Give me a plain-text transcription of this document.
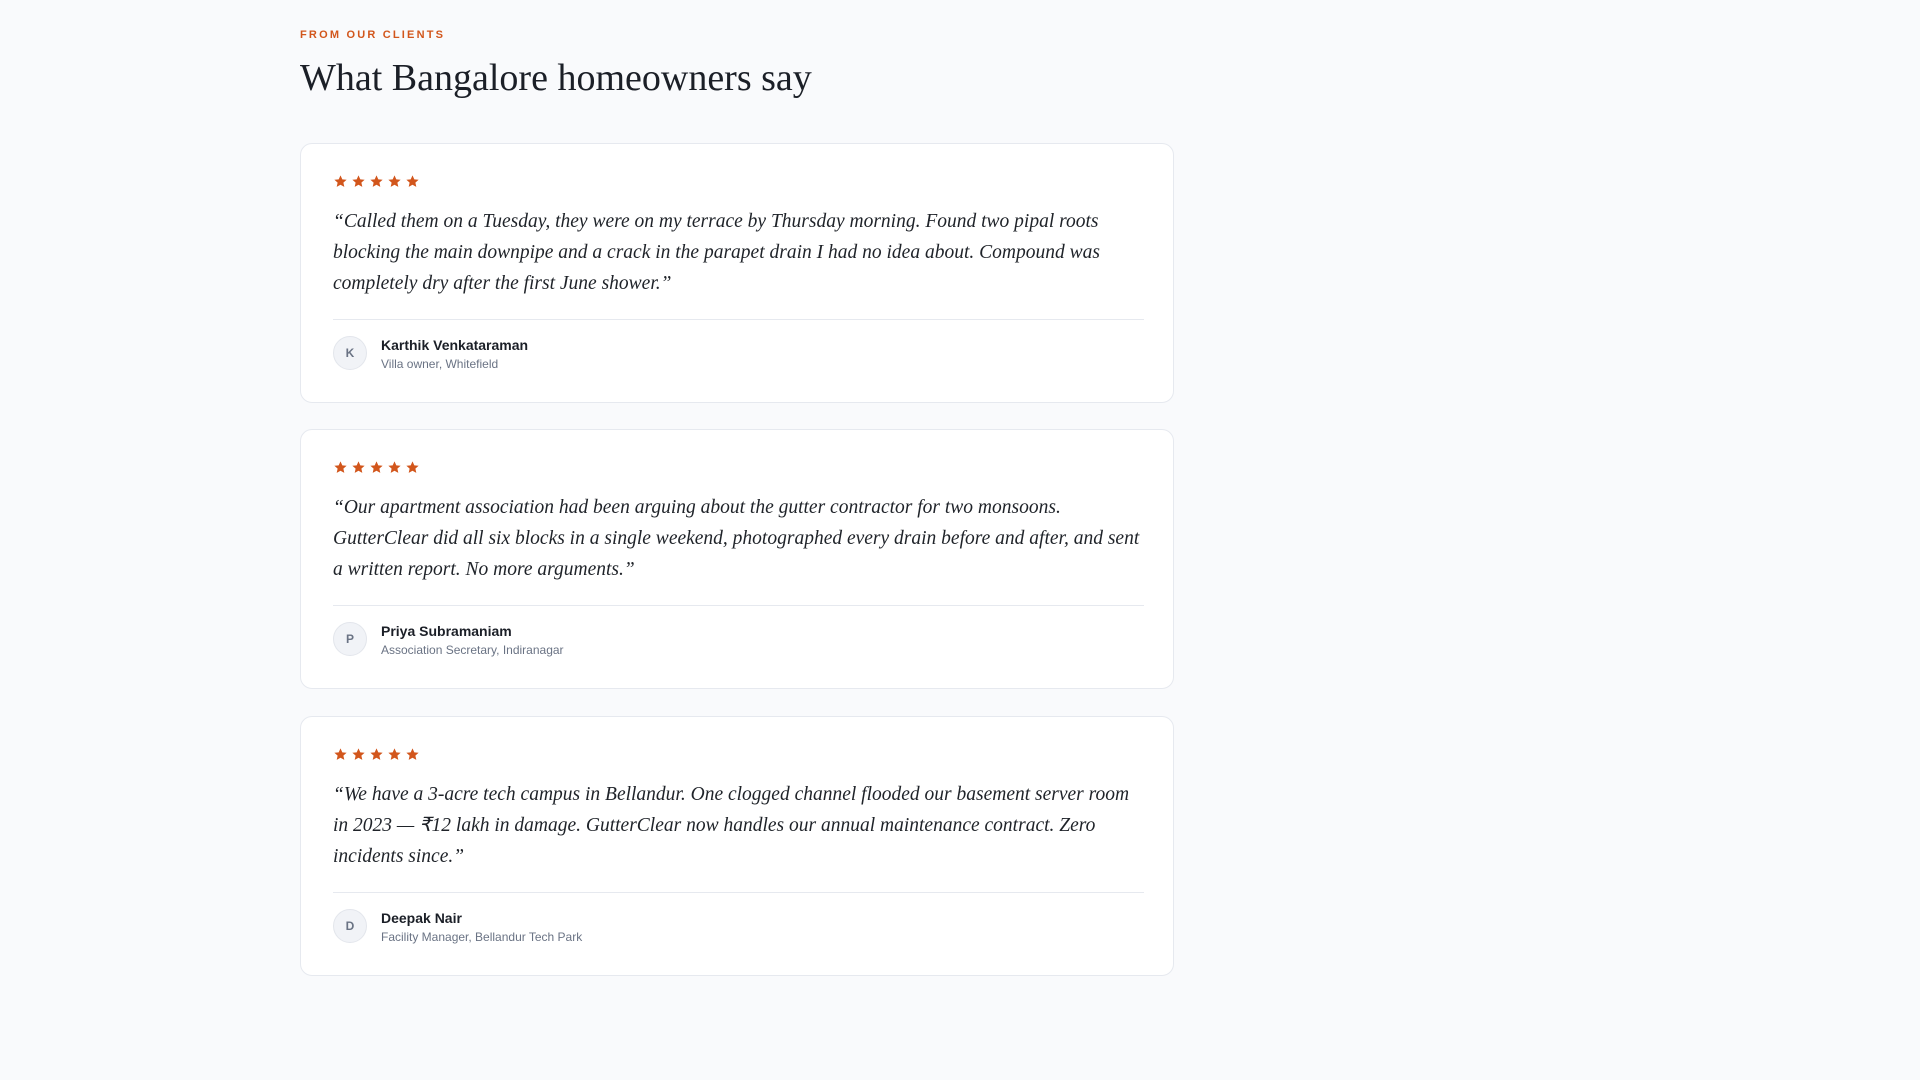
FROM OUR CLIENTS
What Bangalore homeowners say

“Called them on a Tuesday, they were on my terrace by Thursday morning. Found two pipal roots blocking the main downpipe and a crack in the parapet drain I had no idea about. Compound was completely dry after the first June shower.”

K	Karthik Venkataraman
Villa owner, Whitefield

“Our apartment association had been arguing about the gutter contractor for two monsoons. GutterClear did all six blocks in a single weekend, photographed every drain before and after, and sent a written report. No more arguments.”

P	Priya Subramaniam
Association Secretary, Indiranagar

“We have a 3-acre tech campus in Bellandur. One clogged channel flooded our basement server room in 2023 — ₹12 lakh in damage. GutterClear now handles our annual maintenance contract. Zero incidents since.”

D	Deepak Nair
Facility Manager, Bellandur Tech Park
